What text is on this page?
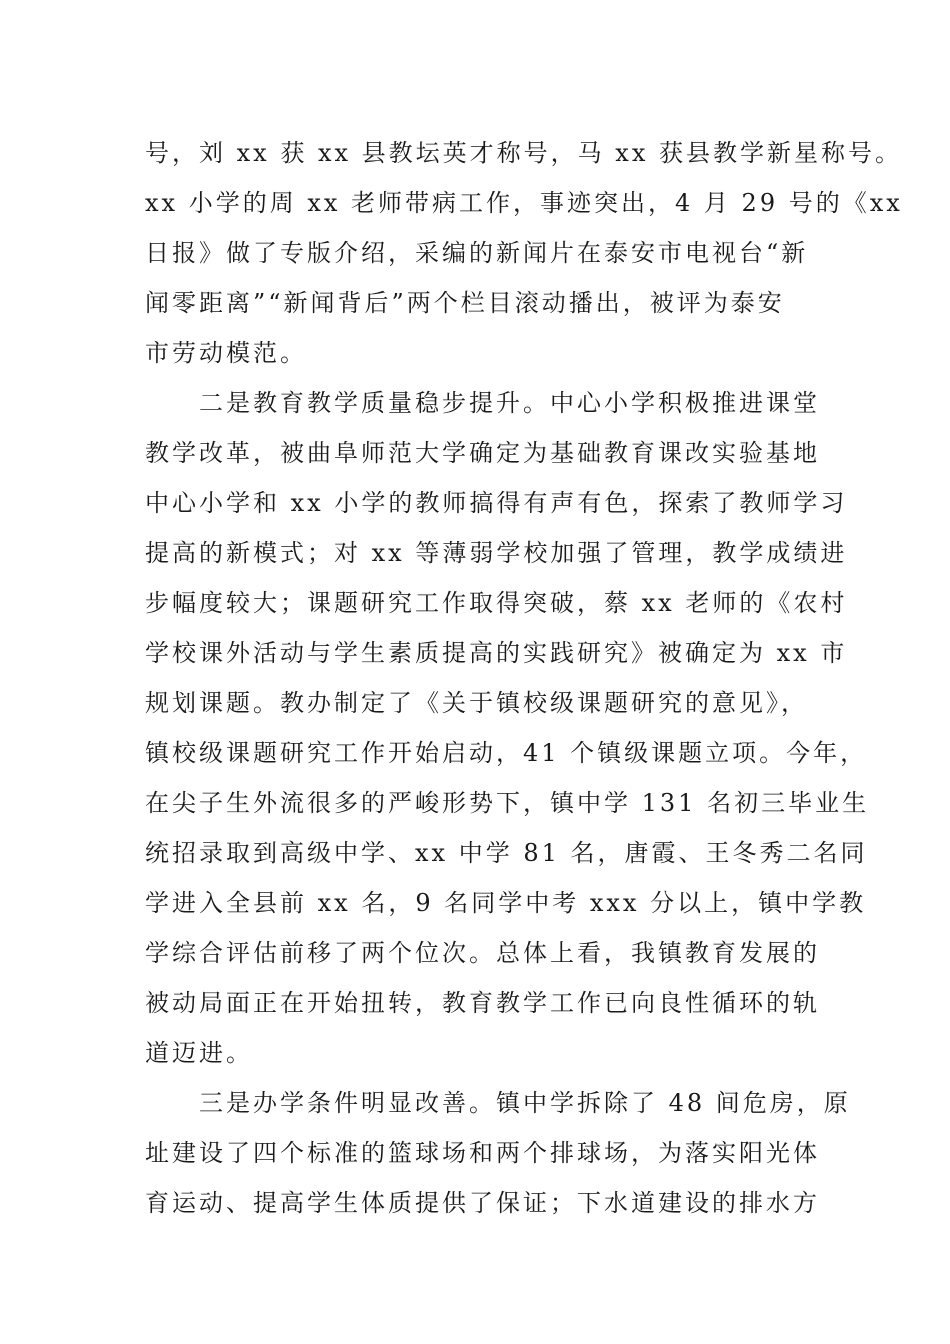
号，刘 xx 获 xx 县教坛英才称号，马 xx 获县教学新星称号。
xx 小学的周 xx 老师带病工作，事迹突出，4 月 29 号的《xx
日报》做了专版介绍，采编的新闻片在泰安市电视台“新
闻零距离”“新闻背后”两个栏目滚动播出，被评为泰安
市劳动模范。
　　二是教育教学质量稳步提升。中心小学积极推进课堂
教学改革，被曲阜师范大学确定为基础教育课改实验基地
中心小学和 xx 小学的教师搞得有声有色，探索了教师学习
提高的新模式；对 xx 等薄弱学校加强了管理，教学成绩进
步幅度较大；课题研究工作取得突破，蔡 xx 老师的《农村
学校课外活动与学生素质提高的实践研究》被确定为 xx 市
规划课题。教办制定了《关于镇校级课题研究的意见》，
镇校级课题研究工作开始启动，41 个镇级课题立项。今年，
在尖子生外流很多的严峻形势下，镇中学 131 名初三毕业生
统招录取到高级中学、xx 中学 81 名，唐霞、王冬秀二名同
学进入全县前 xx 名，9 名同学中考 xxx 分以上，镇中学教
学综合评估前移了两个位次。总体上看，我镇教育发展的
被动局面正在开始扭转，教育教学工作已向良性循环的轨
道迈进。
　　三是办学条件明显改善。镇中学拆除了 48 间危房，原
址建设了四个标准的篮球场和两个排球场，为落实阳光体
育运动、提高学生体质提供了保证；下水道建设的排水方
